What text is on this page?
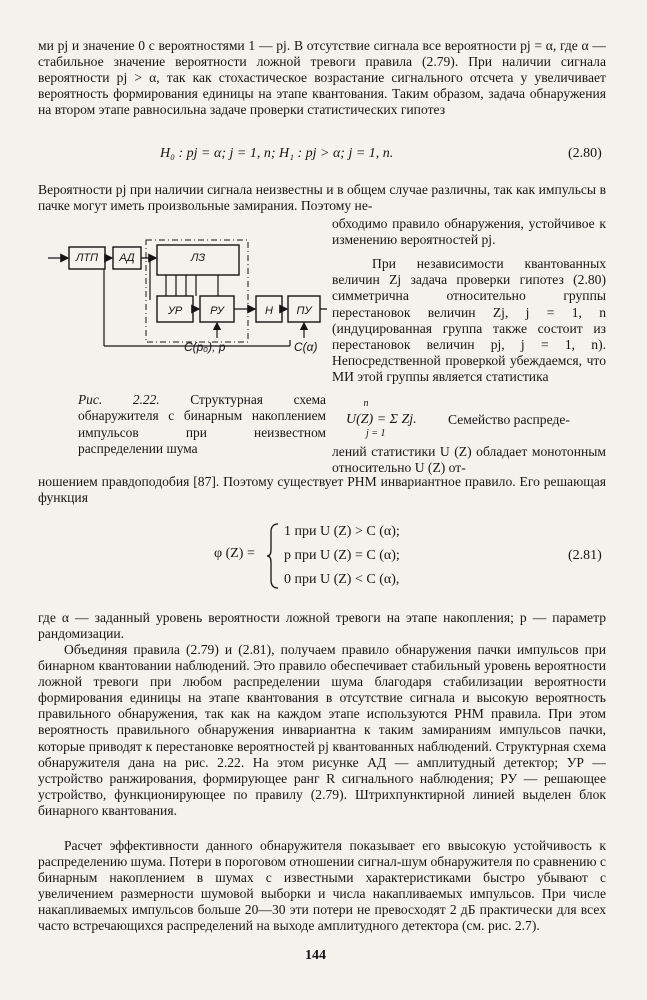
ми pj и значение 0 с вероятностями 1 — pj. В отсутствие сигнала все вероятности pj = α, где α — стабильное значение вероятности ложной тревоги правила (2.79). При наличии сигнала вероятности pj > α, так как стохастическое возрастание сигнального отсчета y увеличивает вероятность формирования единицы на этапе квантования. Таким образом, задача обнаружения на втором этапе равносильна задаче проверки статистических гипотез
H₀ : pj = α; j = 1, n; H₁ : pj > α; j = 1, n.	(2.80)
Вероятности pj при наличии сигнала неизвестны и в общем случае различны, так как импульсы в пачке могут иметь произвольные замирания. Поэтому не-
обходимо правило обнаружения, устойчивое к изменению вероятностей pj.
При независимости квантованных величин Zj задача проверки гипотез (2.80) симметрична относительно группы перестановок величин Zj, j = 1, n (индуцированная группа также состоит из перестановок величин pj, j = 1, n). Непосредственной проверкой убеждаемся, что МИ этой группы является статистика
n
U(Z) = Σ Zj.
j = 1
Семейство распреде-
лений статистики U (Z) обладает монотонным относительно U (Z) от-
ношением правдоподобия [87]. Поэтому существует РНМ инвариантное правило. Его решающая функция
φ (Z) =
1 при U (Z) > C (α);
p при U (Z) = C (α);
0 при U (Z) < C (α),
(2.81)
где α — заданный уровень вероятности ложной тревоги на этапе накопления; p — параметр рандомизации.
Объединяя правила (2.79) и (2.81), получаем правило обнаружения пачки импульсов при бинарном квантовании наблюдений. Это правило обеспечивает стабильный уровень вероятности ложной тревоги при любом распределении шума благодаря стабилизации вероятности формирования единицы на этапе квантования в отсутствие сигнала и высокую вероятность правильного обнаружения, так как на каждом этапе используются РНМ правила. При этом вероятность правильного обнаружения инвариантна к таким замираниям импульсов пачки, которые приводят к перестановке вероятностей pj квантованных наблюдений. Структурная схема обнаружителя дана на рис. 2.22. На этом рисунке АД — амплитудный детектор; УР — устройство ранжирования, формирующее ранг R сигнального наблюдения; РУ — решающее устройство, функционирующее по правилу (2.79). Штрихпунктирной линией выделен блок бинарного квантования.
Расчет эффективности данного обнаружителя показывает его ввысокую устойчивость к распределению шума. Потери в пороговом отношении сигнал-шум обнаружителя по сравнению с бинарным накоплением в шумах с известными характеристиками быстро убывают с увеличением размерности шумовой выборки и числа накапливаемых импульсов. При числе накапливаемых импульсов больше 20—30 эти потери не превосходят 2 дБ практически для всех часто встречающихся распределений на выходе амплитудного детектора (см. рис. 2.7).
144
ЛТП	АД	ЛЗ
УР	РУ	Н	ПУ
C(pₒ), p	C(α)
Рис. 2.22. Структурная схема обнаружителя с бинарным накоплением импульсов при неизвестном распределении шума
